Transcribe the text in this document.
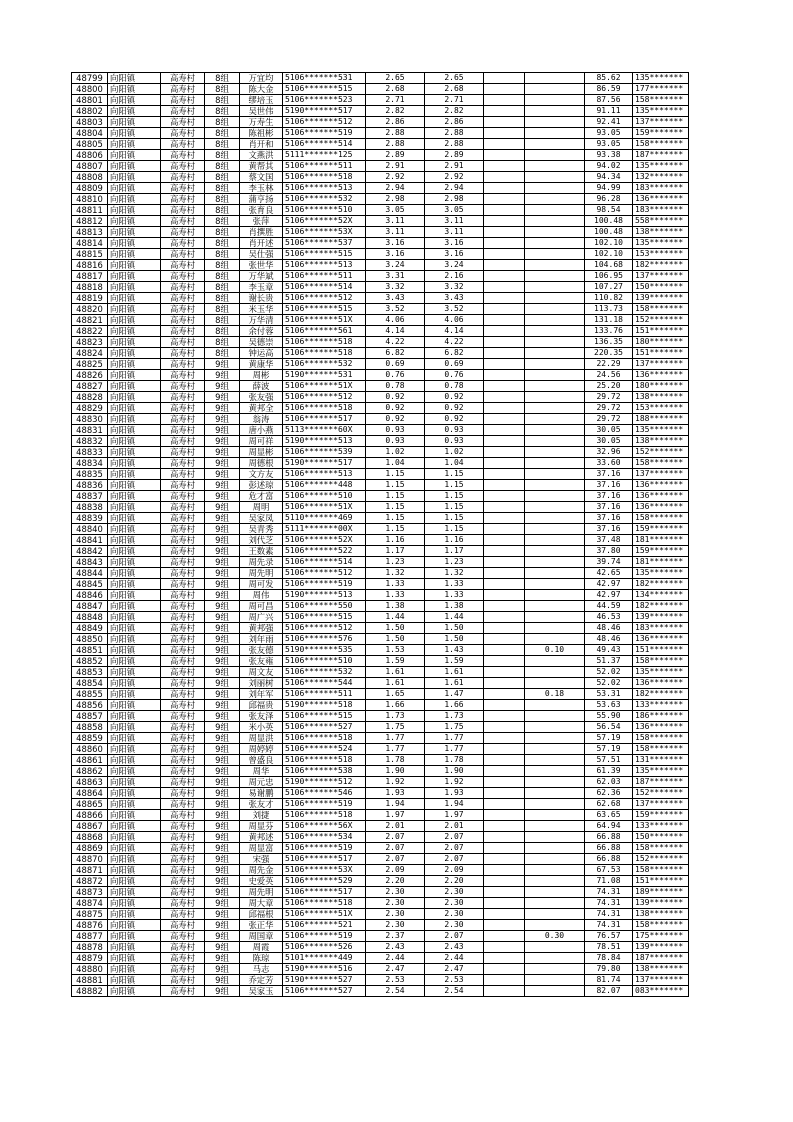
48799	向阳镇	高寿村	8组	万宜均	5106*******531	2.65	2.65			85.62	135*******
48800	向阳镇	高寿村	8组	陈大金	5106*******515	2.68	2.68			86.59	177*******
48801	向阳镇	高寿村	8组	缪培玉	5106*******523	2.71	2.71			87.56	158*******
48802	向阳镇	高寿村	8组	吴世伟	5190*******517	2.82	2.82			91.11	135*******
48803	向阳镇	高寿村	8组	万寿生	5106*******512	2.86	2.86			92.41	137*******
48804	向阳镇	高寿村	8组	陈祖彬	5106*******519	2.88	2.88			93.05	159*******
48805	向阳镇	高寿村	8组	肖开和	5106*******514	2.88	2.88			93.05	158*******
48806	向阳镇	高寿村	8组	文燕洪	5111*******125	2.89	2.89			93.38	187*******
48807	向阳镇	高寿村	8组	黄帮其	5106*******511	2.91	2.91			94.02	135*******
48808	向阳镇	高寿村	8组	蔡文国	5106*******518	2.92	2.92			94.34	132*******
48809	向阳镇	高寿村	8组	李玉林	5106*******513	2.94	2.94			94.99	183*******
48810	向阳镇	高寿村	8组	蒲亨扬	5106*******532	2.98	2.98			96.28	136*******
48811	向阳镇	高寿村	8组	张育良	5106*******510	3.05	3.05			98.54	183*******
48812	向阳镇	高寿村	8组	张萍	5106*******52X	3.11	3.11			100.48	558*******
48813	向阳镇	高寿村	8组	肖撰胜	5106*******53X	3.11	3.11			100.48	138*******
48814	向阳镇	高寿村	8组	肖开述	5106*******537	3.16	3.16			102.10	135*******
48815	向阳镇	高寿村	8组	吴仕强	5106*******515	3.16	3.16			102.10	153*******
48816	向阳镇	高寿村	8组	张世华	5106*******513	3.24	3.24			104.68	182*******
48817	向阳镇	高寿村	8组	万华斌	5106*******511	3.31	2.16			106.95	137*******
48818	向阳镇	高寿村	8组	李玉章	5106*******514	3.32	3.32			107.27	150*******
48819	向阳镇	高寿村	8组	谢长贵	5106*******512	3.43	3.43			110.82	139*******
48820	向阳镇	高寿村	8组	米玉华	5106*******515	3.52	3.52			113.73	158*******
48821	向阳镇	高寿村	8组	万华清	5106*******51X	4.06	4.06			131.18	152*******
48822	向阳镇	高寿村	8组	余付蓉	5106*******561	4.14	4.14			133.76	151*******
48823	向阳镇	高寿村	8组	吴德崇	5106*******518	4.22	4.22			136.35	180*******
48824	向阳镇	高寿村	8组	钟运高	5106*******518	6.82	6.82			220.35	151*******
48825	向阳镇	高寿村	9组	黄康华	5106*******532	0.69	0.69			22.29	137*******
48826	向阳镇	高寿村	9组	周彬	5190*******531	0.76	0.76			24.56	136*******
48827	向阳镇	高寿村	9组	薛波	5106*******51X	0.78	0.78			25.20	180*******
48828	向阳镇	高寿村	9组	张友强	5106*******512	0.92	0.92			29.72	138*******
48829	向阳镇	高寿村	9组	黄邦全	5106*******518	0.92	0.92			29.72	153*******
48830	向阳镇	高寿村	9组	翁涛	5106*******517	0.92	0.92			29.72	188*******
48831	向阳镇	高寿村	9组	唐小燕	5113*******60X	0.93	0.93			30.05	135*******
48832	向阳镇	高寿村	9组	周可祥	5190*******513	0.93	0.93			30.05	138*******
48833	向阳镇	高寿村	9组	周显彬	5106*******539	1.02	1.02			32.96	152*******
48834	向阳镇	高寿村	9组	周德根	5190*******517	1.04	1.04			33.60	158*******
48835	向阳镇	高寿村	9组	文方友	5106*******513	1.15	1.15			37.16	137*******
48836	向阳镇	高寿村	9组	彭述琼	5106*******448	1.15	1.15			37.16	136*******
48837	向阳镇	高寿村	9组	危才富	5106*******510	1.15	1.15			37.16	136*******
48838	向阳镇	高寿村	9组	周明	5106*******51X	1.15	1.15			37.16	136*******
48839	向阳镇	高寿村	9组	吴家凤	5110*******469	1.15	1.15			37.16	158*******
48840	向阳镇	高寿村	9组	吴青秀	5111*******00X	1.15	1.15			37.16	159*******
48841	向阳镇	高寿村	9组	刘代芝	5106*******52X	1.16	1.16			37.48	181*******
48842	向阳镇	高寿村	9组	王数素	5106*******522	1.17	1.17			37.80	159*******
48843	向阳镇	高寿村	9组	周先录	5106*******514	1.23	1.23			39.74	181*******
48844	向阳镇	高寿村	9组	周先明	5106*******512	1.32	1.32			42.65	135*******
48845	向阳镇	高寿村	9组	周可发	5106*******519	1.33	1.33			42.97	182*******
48846	向阳镇	高寿村	9组	周伟	5190*******513	1.33	1.33			42.97	134*******
48847	向阳镇	高寿村	9组	周可昌	5106*******550	1.38	1.38			44.59	182*******
48848	向阳镇	高寿村	9组	周广兴	5106*******515	1.44	1.44			46.53	139*******
48849	向阳镇	高寿村	9组	黄邦强	5106*******512	1.50	1.50			48.46	183*******
48850	向阳镇	高寿村	9组	刘年雨	5106*******576	1.50	1.50			48.46	136*******
48851	向阳镇	高寿村	9组	张友德	5190*******535	1.53	1.43		0.10	49.43	151*******
48852	向阳镇	高寿村	9组	张友雍	5106*******510	1.59	1.59			51.37	158*******
48853	向阳镇	高寿村	9组	周文友	5106*******532	1.61	1.61			52.02	135*******
48854	向阳镇	高寿村	9组	刘丽树	5106*******544	1.61	1.61			52.02	136*******
48855	向阳镇	高寿村	9组	刘年军	5106*******511	1.65	1.47		0.18	53.31	182*******
48856	向阳镇	高寿村	9组	邱福贵	5190*******518	1.66	1.66			53.63	133*******
48857	向阳镇	高寿村	9组	张友泽	5106*******515	1.73	1.73			55.90	186*******
48858	向阳镇	高寿村	9组	米小英	5106*******527	1.75	1.75			56.54	136*******
48859	向阳镇	高寿村	9组	周显洪	5106*******518	1.77	1.77			57.19	158*******
48860	向阳镇	高寿村	9组	周婷婷	5106*******524	1.77	1.77			57.19	158*******
48861	向阳镇	高寿村	9组	曾盛良	5106*******518	1.78	1.78			57.51	131*******
48862	向阳镇	高寿村	9组	周华	5106*******538	1.90	1.90			61.39	135*******
48863	向阳镇	高寿村	9组	周元忠	5190*******512	1.92	1.92			62.03	187*******
48864	向阳镇	高寿村	9组	易谢鹏	5106*******546	1.93	1.93			62.36	152*******
48865	向阳镇	高寿村	9组	张友才	5106*******519	1.94	1.94			62.68	137*******
48866	向阳镇	高寿村	9组	刘捷	5106*******518	1.97	1.97			63.65	159*******
48867	向阳镇	高寿村	9组	周显芬	5106*******56X	2.01	2.01			64.94	133*******
48868	向阳镇	高寿村	9组	黄邦述	5106*******534	2.07	2.07			66.88	150*******
48869	向阳镇	高寿村	9组	周显富	5106*******519	2.07	2.07			66.88	158*******
48870	向阳镇	高寿村	9组	宋强	5106*******517	2.07	2.07			66.88	152*******
48871	向阳镇	高寿村	9组	周先金	5106*******53X	2.09	2.09			67.53	158*******
48872	向阳镇	高寿村	9组	史爱英	5106*******529	2.20	2.20			71.08	151*******
48873	向阳镇	高寿村	9组	周先明	5106*******517	2.30	2.30			74.31	189*******
48874	向阳镇	高寿村	9组	周大章	5106*******518	2.30	2.30			74.31	139*******
48875	向阳镇	高寿村	9组	邱福根	5106*******51X	2.30	2.30			74.31	138*******
48876	向阳镇	高寿村	9组	张正华	5106*******521	2.30	2.30			74.31	158*******
48877	向阳镇	高寿村	9组	周国章	5106*******519	2.37	2.07		0.30	76.57	175*******
48878	向阳镇	高寿村	9组	周霞	5106*******526	2.43	2.43			78.51	139*******
48879	向阳镇	高寿村	9组	陈琼	5101*******449	2.44	2.44			78.84	187*******
48880	向阳镇	高寿村	9组	马志	5190*******516	2.47	2.47			79.80	138*******
48881	向阳镇	高寿村	9组	乔定芳	5190*******527	2.53	2.53			81.74	137*******
48882	向阳镇	高寿村	9组	吴家玉	5106*******527	2.54	2.54			82.07	083*******
